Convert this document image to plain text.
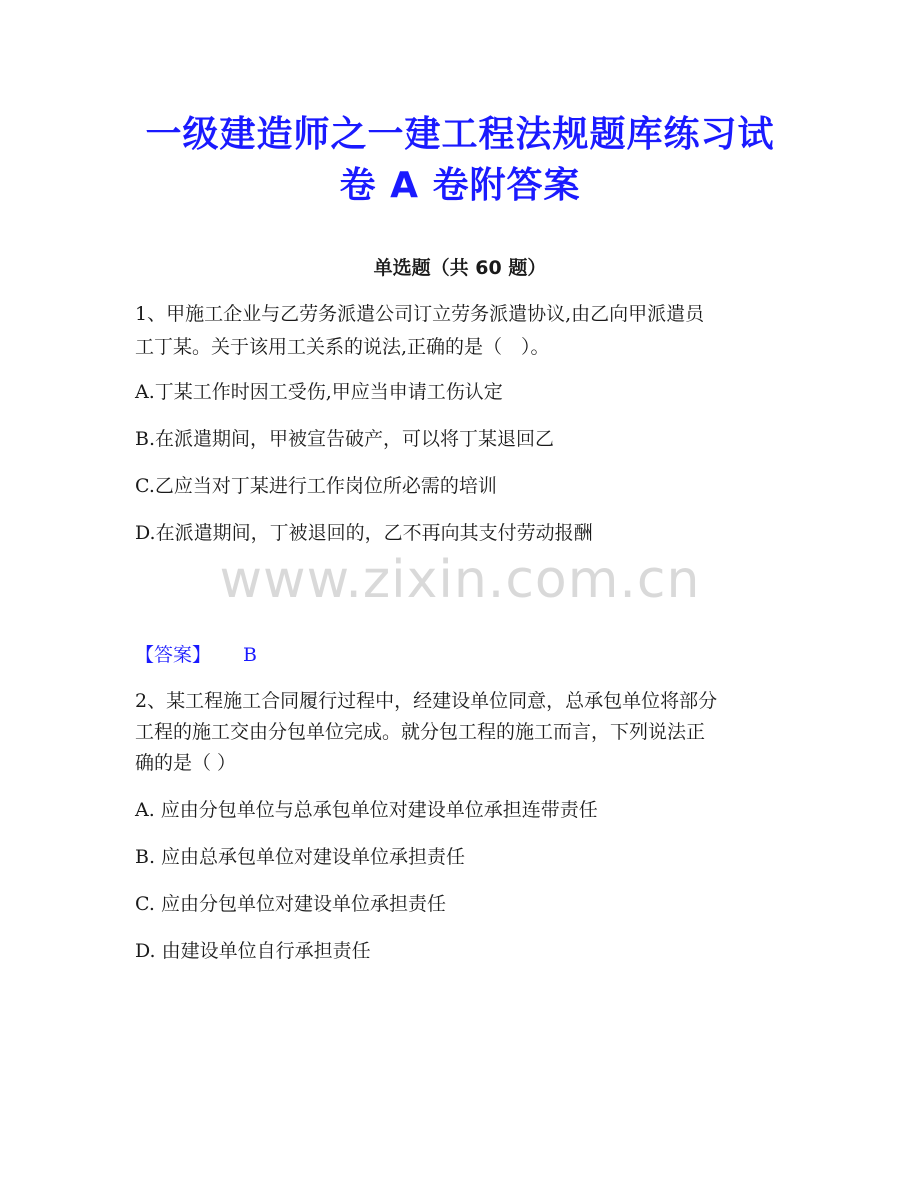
一级建造师之一建工程法规题库练习试
卷 A 卷附答案
单选题（共 60 题）
1、甲施工企业与乙劳务派遣公司订立劳务派遣协议,由乙向甲派遣员
工丁某。关于该用工关系的说法,正确的是（　）。
A.丁某工作时因工受伤,甲应当申请工伤认定
B.在派遣期间，甲被宣告破产，可以将丁某退回乙
C.乙应当对丁某进行工作岗位所必需的培训
D.在派遣期间，丁被退回的，乙不再向其支付劳动报酬
www.zixin.com.cn
【答案】 B
2、某工程施工合同履行过程中，经建设单位同意，总承包单位将部分
工程的施工交由分包单位完成。就分包工程的施工而言，下列说法正
确的是（ ）
A. 应由分包单位与总承包单位对建设单位承担连带责任
B. 应由总承包单位对建设单位承担责任
C. 应由分包单位对建设单位承担责任
D. 由建设单位自行承担责任
